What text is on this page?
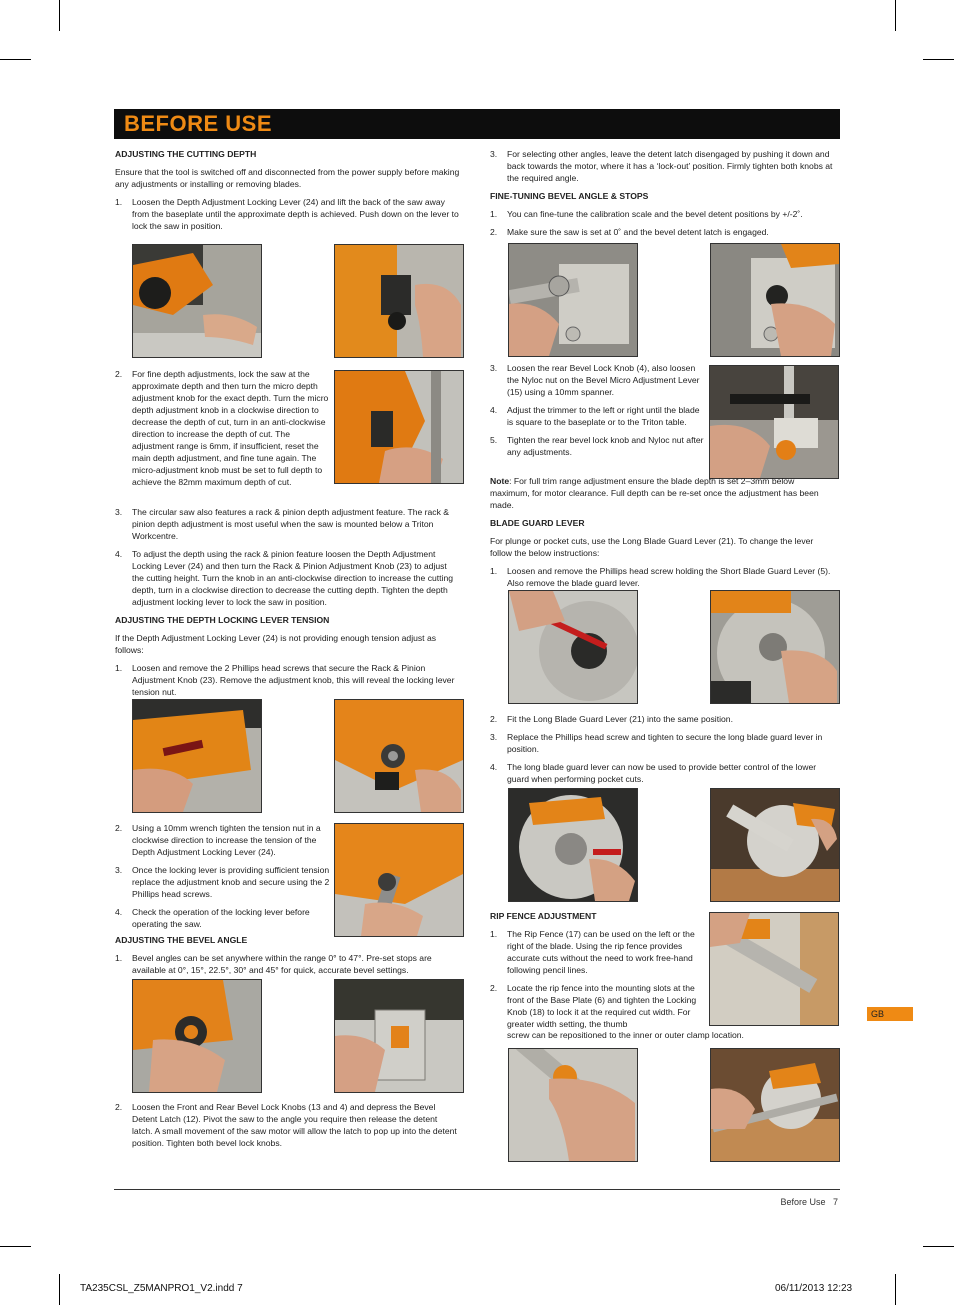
BEFORE USE
ADJUSTING THE CUTTING DEPTH
Ensure that the tool is switched off and disconnected from the power supply before making any adjustments or installing or removing blades.
1. Loosen the Depth Adjustment Locking Lever (24) and lift the back of the saw away from the baseplate until the approximate depth is achieved. Push down on the lever to lock the saw in position.
2. For fine depth adjustments, lock the saw at the approximate depth and then turn the micro depth adjustment knob for the exact depth. Turn the micro depth adjustment knob in a clockwise direction to decrease the depth of cut, turn in an anti-clockwise direction to increase the depth of cut. The adjustment range is 6mm, if insufficient, reset the main depth adjustment, and fine tune again. The micro-adjustment knob must be set to full depth to achieve the 82mm maximum depth of cut.
3. The circular saw also features a rack & pinion depth adjustment feature. The rack & pinion depth adjustment is most useful when the saw is mounted below a Triton Workcentre.
4. To adjust the depth using the rack & pinion feature loosen the Depth Adjustment Locking Lever (24) and then turn the Rack & Pinion Adjustment Knob (23) to adjust the cutting height. Turn the knob in an anti-clockwise direction to increase the cutting depth, turn in a clockwise direction to decrease the cutting depth. Tighten the depth adjustment locking lever to lock the saw in position.
ADJUSTING THE DEPTH LOCKING LEVER TENSION
If the Depth Adjustment Locking Lever (24) is not providing enough tension adjust as follows:
1. Loosen and remove the 2 Phillips head screws that secure the Rack & Pinion Adjustment Knob (23). Remove the adjustment knob, this will reveal the locking lever tension nut.
2. Using a 10mm wrench tighten the tension nut in a clockwise direction to increase the tension of the Depth Adjustment Locking Lever (24).
3. Once the locking lever is providing sufficient tension replace the adjustment knob and secure using the 2 Phillips head screws.
4. Check the operation of the locking lever before operating the saw.
ADJUSTING THE BEVEL ANGLE
1. Bevel angles can be set anywhere within the range 0° to 47°. Pre-set stops are available at 0°, 15°, 22.5°, 30° and 45° for quick, accurate bevel settings.
2. Loosen the Front and Rear Bevel Lock Knobs (13 and 4) and depress the Bevel Detent Latch (12). Pivot the saw to the angle you require then release the detent latch. A small movement of the saw motor will allow the latch to pop up into the detent position. Tighten both bevel lock knobs.
3. For selecting other angles, leave the detent latch disengaged by pushing it down and back towards the motor, where it has a ‘lock-out’ position. Firmly tighten both knobs at the required angle.
FINE-TUNING BEVEL ANGLE & STOPS
1. You can fine-tune the calibration scale and the bevel detent positions by +/-2˚.
2. Make sure the saw is set at 0˚ and the bevel detent latch is engaged.
3. Loosen the rear Bevel Lock Knob (4), also loosen the Nyloc nut on the Bevel Micro Adjustment Lever (15) using a 10mm spanner.
4. Adjust the trimmer to the left or right until the blade is square to the baseplate or to the Triton table.
5. Tighten the rear bevel lock knob and Nyloc nut after any adjustments.
Note: For full trim range adjustment ensure the blade depth is set 2–3mm below maximum, for motor clearance. Full depth can be re-set once the adjustment has been made.
BLADE GUARD LEVER
For plunge or pocket cuts, use the Long Blade Guard Lever (21). To change the lever follow the below instructions:
1. Loosen and remove the Phillips head screw holding the Short Blade Guard Lever (5). Also remove the blade guard lever.
2. Fit the Long Blade Guard Lever (21) into the same position.
3. Replace the Phillips head screw and tighten to secure the long blade guard lever in position.
4. The long blade guard lever can now be used to provide better control of the lower guard when performing pocket cuts.
RIP FENCE ADJUSTMENT
1. The Rip Fence (17) can be used on the left or the right of the blade. Using the rip fence provides accurate cuts without the need to work free-hand following pencil lines.
2. Locate the rip fence into the mounting slots at the front of the Base Plate (6) and tighten the Locking Knob (18) to lock it at the required cut width. For greater width setting, the thumb
screw can be repositioned to the inner or outer clamp location.
GB
Before Use 7
TA235CSL_Z5MANPRO1_V2.indd 7	06/11/2013 12:23
